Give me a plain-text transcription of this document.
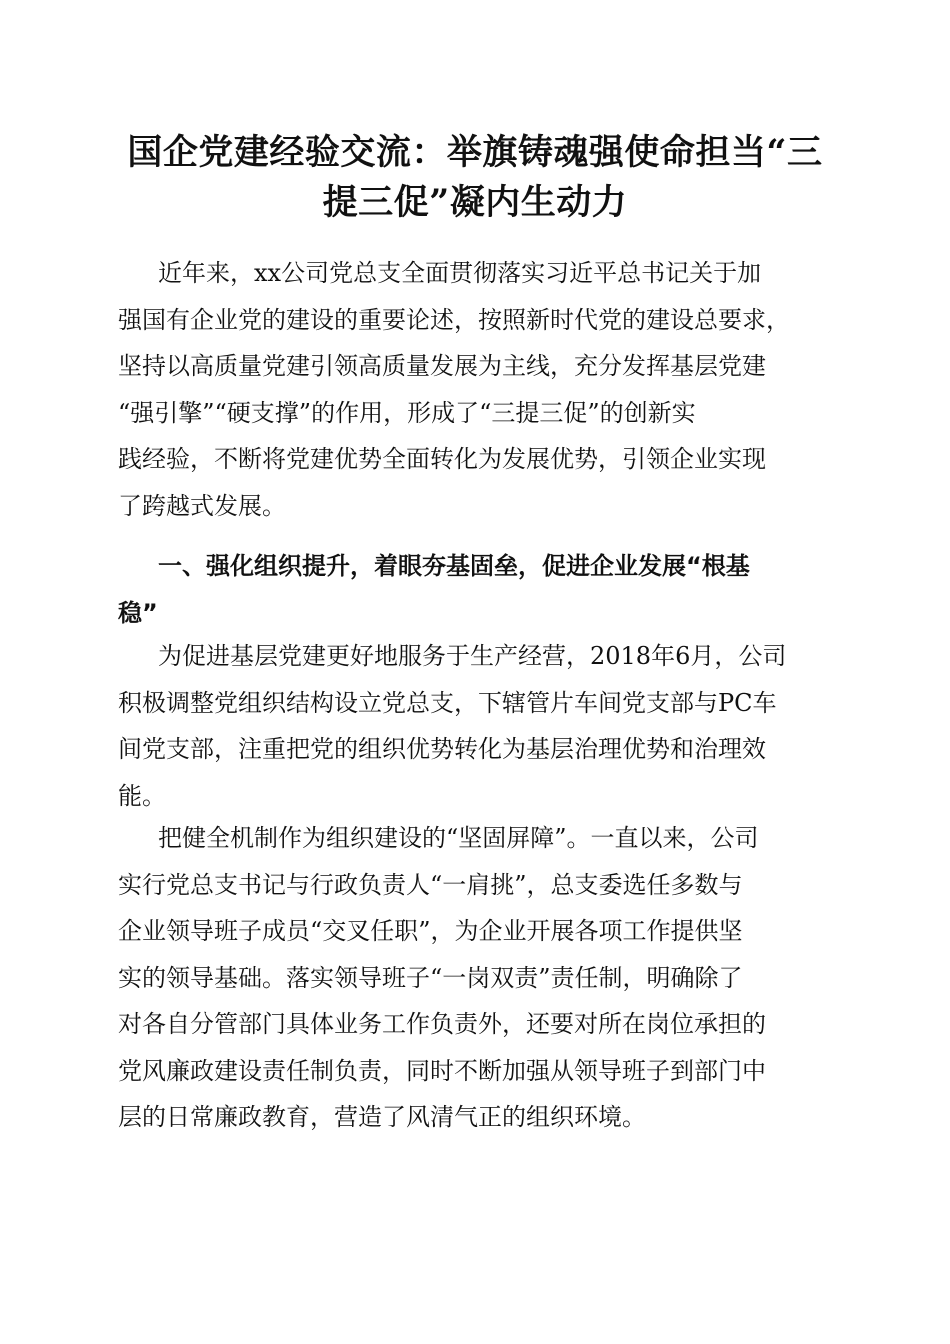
国企党建经验交流：举旗铸魂强使命担当“三
提三促”凝内生动力
近年来，xx公司党总支全面贯彻落实习近平总书记关于加
强国有企业党的建设的重要论述，按照新时代党的建设总要求，
坚持以高质量党建引领高质量发展为主线，充分发挥基层党建
“强引擎”“硬支撑”的作用，形成了“三提三促”的创新实
践经验，不断将党建优势全面转化为发展优势，引领企业实现
了跨越式发展。
一、强化组织提升，着眼夯基固垒，促进企业发展“根基
稳”
为促进基层党建更好地服务于生产经营，2018年6月，公司
积极调整党组织结构设立党总支，下辖管片车间党支部与PC车
间党支部，注重把党的组织优势转化为基层治理优势和治理效
能。
把健全机制作为组织建设的“坚固屏障”。一直以来，公司
实行党总支书记与行政负责人“一肩挑”，总支委选任多数与
企业领导班子成员“交叉任职”，为企业开展各项工作提供坚
实的领导基础。落实领导班子“一岗双责”责任制，明确除了
对各自分管部门具体业务工作负责外，还要对所在岗位承担的
党风廉政建设责任制负责，同时不断加强从领导班子到部门中
层的日常廉政教育，营造了风清气正的组织环境。
